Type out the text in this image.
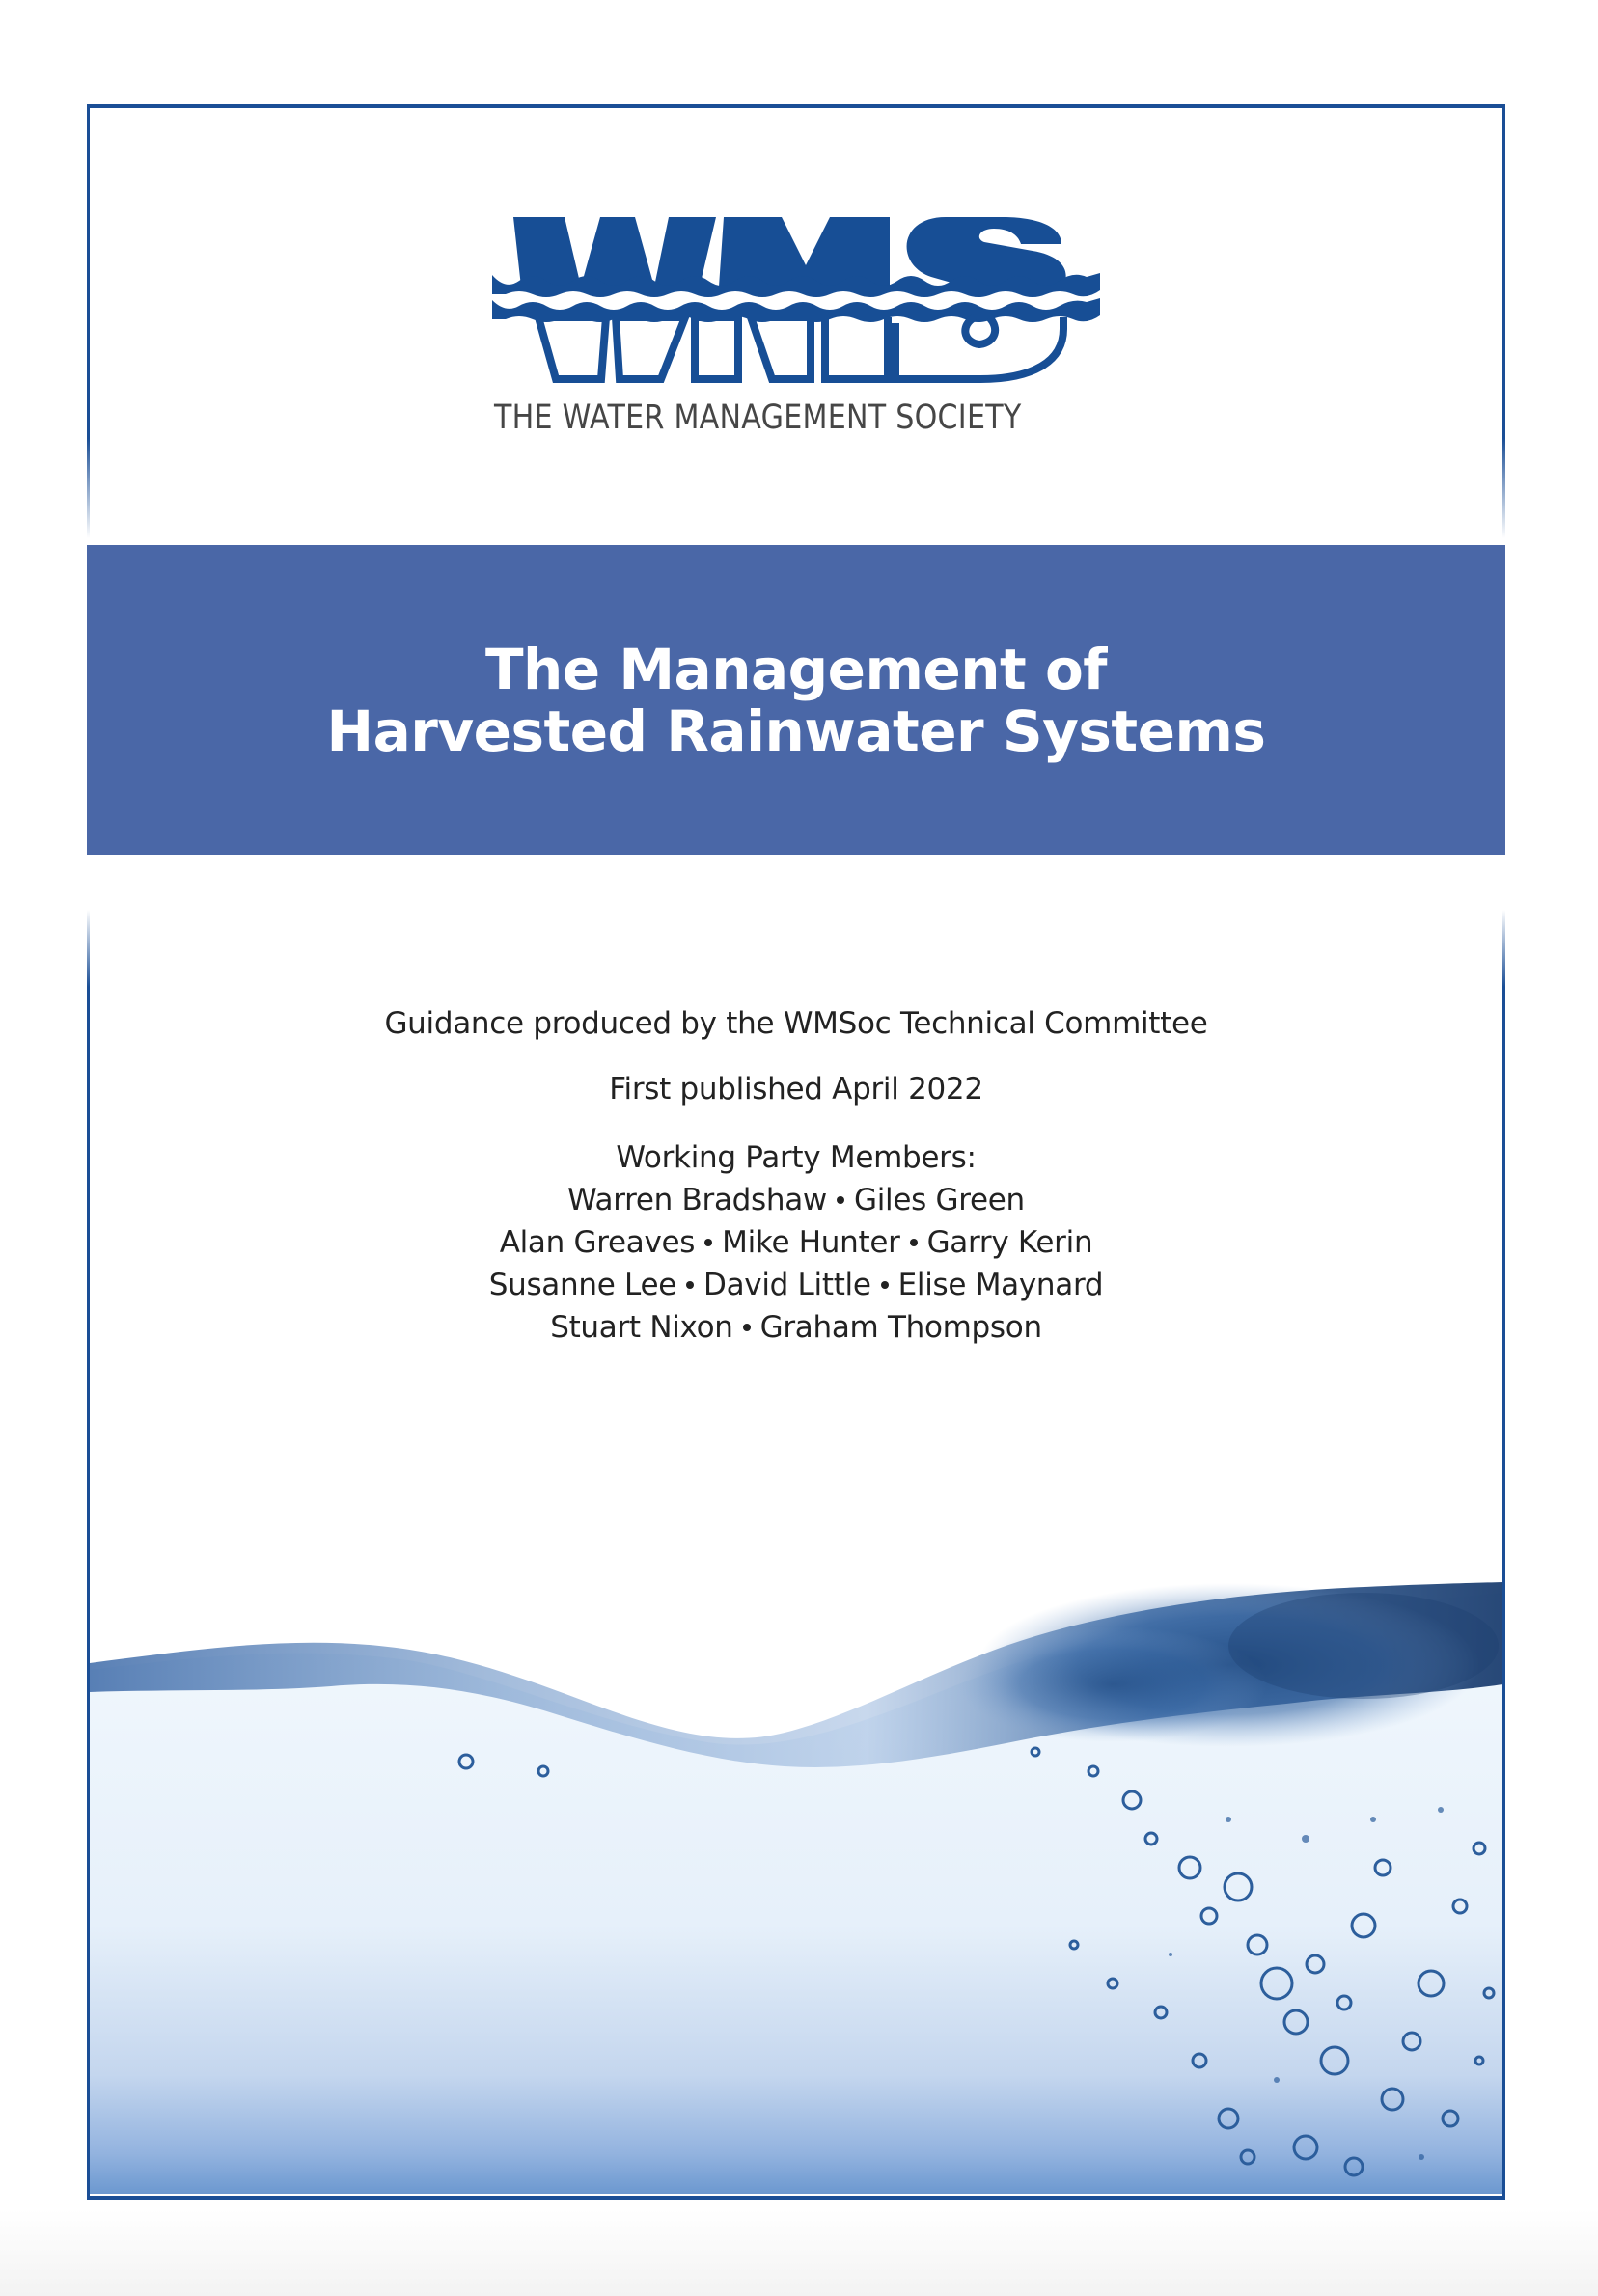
THE WATER MANAGEMENT SOCIETY
The Management of
Harvested Rainwater Systems
Guidance produced by the WMSoc Technical Committee
First published April 2022
Working Party Members:
Warren Bradshaw Giles Green
Alan Greaves Mike Hunter Garry Kerin
Susanne Lee David Little Elise Maynard
Stuart Nixon Graham Thompson
